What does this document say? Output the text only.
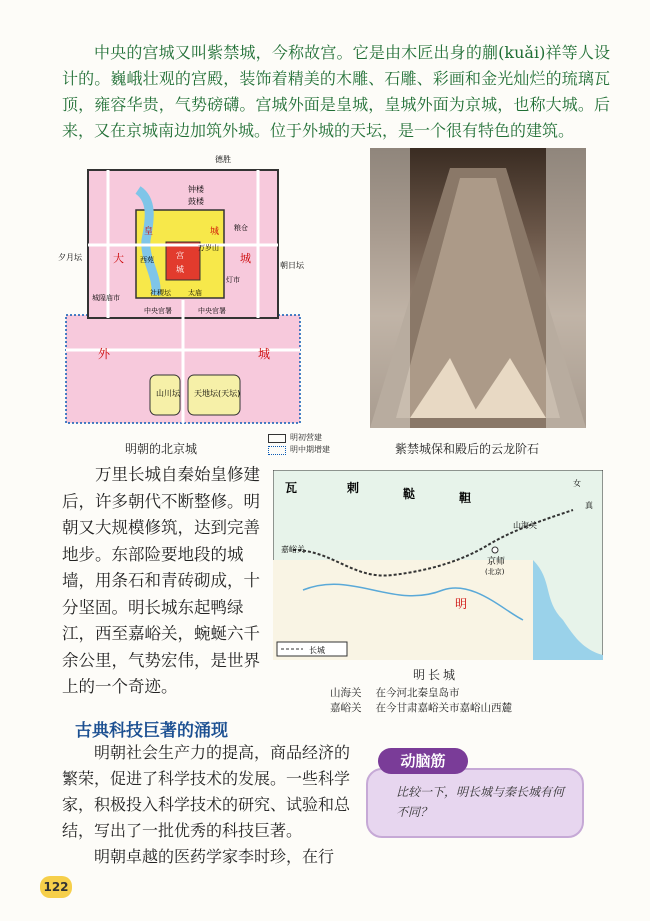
中央的宫城又叫紫禁城，今称故宫。它是由木匠出身的蒯(kuǎi)祥等人设计的。巍峨壮观的宫殿，装饰着精美的木雕、石雕、彩画和金光灿烂的琉璃瓦顶，雍容华贵，气势磅礴。宫城外面是皇城，皇城外面为京城，也称大城。后来，又在京城南边加筑外城。位于外城的天坛，是一个很有特色的建筑。

德胜
钟楼
鼓楼
粮仓
皇	城
西苑	宫
城
万岁山
大	城
夕月坛
朝日坛
城隍庙市
灯市
社稷坛 太庙
中央官署	中央官署
外	城
山川坛 天地坛(天坛)
明朝的北京城
明初营建
明中期增建	紫禁城保和殿后的云龙阶石

万里长城自秦始皇修建后，许多朝代不断整修。明朝又大规模修筑，达到完善地步。东部险要地段的城墙，用条石和青砖砌成，十分坚固。明长城东起鸭绿江，西至嘉峪关，蜿蜒六千余公里，气势宏伟，是世界上的一个奇迹。

瓦	剌	鞑	靼
女
真
山海关
嘉峪关
京师
(北京)
明
长城
明长城
山海关 在今河北秦皇岛市
嘉峪关 在今甘肃嘉峪关市嘉峪山西麓
古典科技巨著的涌现

明朝社会生产力的提高，商品经济的繁荣，促进了科学技术的发展。一些科学家，积极投入科学技术的研究、试验和总结，写出了一批优秀的科技巨著。

明朝卓越的医药学家李时珍，在行

动脑筋
比较一下，明长城与秦长城有何不同？
122
